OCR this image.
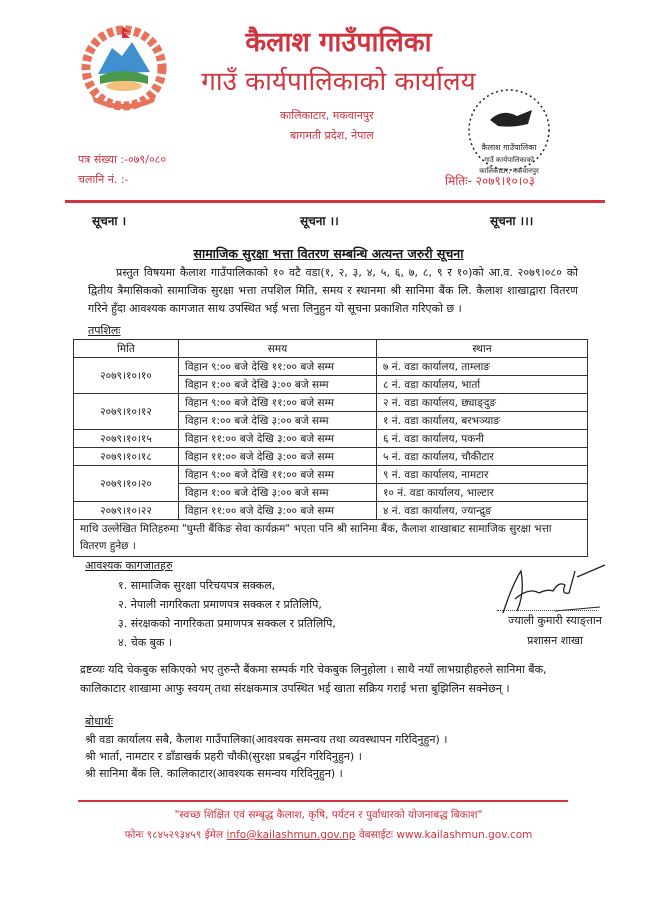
कैलाश गाउँपालिका
गाउँ कार्यपालिकाको कार्यालय
कालिकाटार, मकवानपुर
बागमती प्रदेश, नेपाल
कैलाश गाउँपालिका
गाउँ कार्यपालिकाको
कालिकाटार, मकवानपुर
पत्र संख्या :-०७९/०८०
चलानि नं. :-	मितिः- २०७९।१०।०३
सूचना ।	सूचना ।।	सूचना ।।।
सामाजिक सुरक्षा भत्ता वितरण सम्बन्धि अत्यन्त जरुरी सूचना
प्रस्तुत विषयमा कैलाश गाउँपालिकाको १० वटै वडा(१, २, ३, ४, ५, ६, ७, ८, ९ र १०)को आ.व. २०७९।०८० को द्वितीय त्रैमासिकको सामाजिक सुरक्षा भत्ता तपशिल मिति, समय र स्थानमा श्री सानिमा बैंक लि. कैलाश शाखाद्वारा वितरण गरिने हुँदा आवश्यक कागजात साथ उपस्थित भई भत्ता लिनुहुन यो सूचना प्रकाशित गरिएको छ ।
तपशिलः
मिति	समय	स्थान
२०७९।१०।१०	विहान ९:०० बजे देखि ११:०० बजे सम्म	७ नं. वडा कार्यालय, ताम्लाङ
	विहान १:०० बजे देखि ३:०० बजे सम्म	८ नं. वडा कार्यालय, भार्ता
२०७९।१०।१२	विहान ९:०० बजे देखि ११:०० बजे सम्म	२ नं. वडा कार्यालय, छ्याङ्दुङ
	विहान १:०० बजे देखि ३:०० बजे सम्म	१ नं. वडा कार्यालय, बरभञ्याङ
२०७९।१०।१५	विहान ११:०० बजे देखि ३:०० बजे सम्म	६ नं. वडा कार्यालय, पकनी
२०७९।१०।१८	विहान ११:०० बजे देखि ३:०० बजे सम्म	५ नं. वडा कार्यालय, चौकीटार
२०७९।१०।२०	विहान ९:०० बजे देखि ११:०० बजे सम्म	९ नं. वडा कार्यालय, नामटार
	विहान १:०० बजे देखि ३:०० बजे सम्म	१० नं. वडा कार्यालय, भाल्टार
२०७९।१०।२२	विहान ११:०० बजे देखि ३:०० बजे सम्म	४ नं. वडा कार्यालय, ज्यान्द्रुङ
माथि उल्लेखित मितिहरुमा "घुम्ती बैंकिङ सेवा कार्यक्रम" भएता पनि श्री सानिमा बैंक, कैलाश शाखाबाट सामाजिक सुरक्षा भत्ता वितरण हुनेछ ।		
आवश्यक कागजातहरु
१. सामाजिक सुरक्षा परिचयपत्र सक्कल,
२. नेपाली नागरिकता प्रमाणपत्र सक्कल र प्रतिलिपि,
३. संरक्षकको नागरिकता प्रमाणपत्र सक्कल र प्रतिलिपि,
४. चेक बुक ।
ज्याली कुमारी स्याङ्तान
प्रशासन शाखा
द्रष्टव्यः यदि चेकबुक सकिएको भए तुरुन्तै बैंकमा सम्पर्क गरि चेकबुक लिनुहोला । साथै नयाँ लाभग्राहीहरुले सानिमा बैंक, कालिकाटार शाखामा आफु स्वयम् तथा संरक्षकमात्र उपस्थित भई खाता सक्रिय गराई भत्ता बुझिलिन सक्नेछन् ।
बोधार्थः
श्री वडा कार्यालय सबै, कैलाश गाउँपालिका(आवश्यक समन्वय तथा व्यवस्थापन गरिदिनुहुन) ।
श्री भार्ता, नामटार र डाँडाखर्क प्रहरी चौकी(सुरक्षा प्रबर्द्धन गरिदिनुहुन) ।
श्री सानिमा बैंक लि. कालिकाटार(आवश्यक समन्वय गरिदिनुहुन) ।
"स्वच्छ शिक्षित एवं सम्बृद्ध कैलाश, कृषि, पर्यटन र पुर्वाधारको योजनाबद्ध बिकाश"
फोनः ९८४५२९३४५९ ईमेल info@kailashmun.gov.np वेबसाईटः www.kailashmun.gov.com
